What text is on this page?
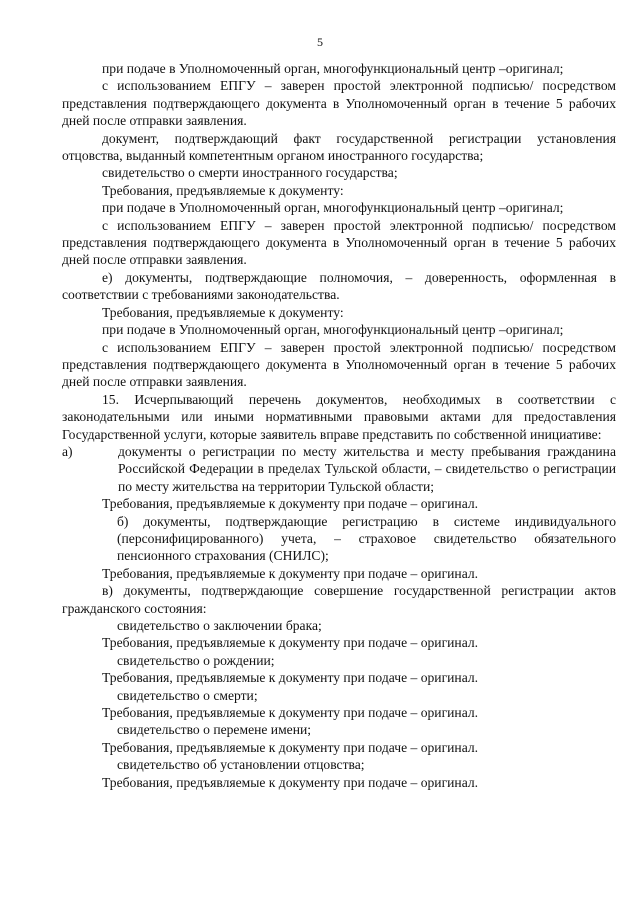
5

при подаче в Уполномоченный орган, многофункциональный центр –оригинал;

с использованием ЕПГУ – заверен простой электронной подписью/ посредством представления подтверждающего документа в Уполномоченный орган в течение 5 рабочих дней после отправки заявления.

документ, подтверждающий факт государственной регистрации установления отцовства, выданный компетентным органом иностранного государства;

свидетельство о смерти иностранного государства;

Требования, предъявляемые к документу:

при подаче в Уполномоченный орган, многофункциональный центр –оригинал;

с использованием ЕПГУ – заверен простой электронной подписью/ посредством представления подтверждающего документа в Уполномоченный орган в течение 5 рабочих дней после отправки заявления.

е) документы, подтверждающие полномочия, – доверенность, оформленная в соответствии с требованиями законодательства.

Требования, предъявляемые к документу:

при подаче в Уполномоченный орган, многофункциональный центр –оригинал;

с использованием ЕПГУ – заверен простой электронной подписью/ посредством представления подтверждающего документа в Уполномоченный орган в течение 5 рабочих дней после отправки заявления.

15. Исчерпывающий перечень документов, необходимых в соответствии с законодательными или иными нормативными правовыми актами для предоставления Государственной услуги, которые заявитель вправе представить по собственной инициативе:

а)	документы о регистрации по месту жительства и месту пребывания гражданина Российской Федерации в пределах Тульской области, – свидетельство о регистрации по месту жительства на территории Тульской области;

Требования, предъявляемые к документу при подаче – оригинал.

б) документы, подтверждающие регистрацию в системе индивидуального (персонифицированного) учета, – страховое свидетельство обязательного пенсионного страхования (СНИЛС);

Требования, предъявляемые к документу при подаче – оригинал.

в) документы, подтверждающие совершение государственной регистрации актов гражданского состояния:

свидетельство о заключении брака;

Требования, предъявляемые к документу при подаче – оригинал.

свидетельство о рождении;

Требования, предъявляемые к документу при подаче – оригинал.

свидетельство о смерти;

Требования, предъявляемые к документу при подаче – оригинал.

свидетельство о перемене имени;

Требования, предъявляемые к документу при подаче – оригинал.

свидетельство об установлении отцовства;

Требования, предъявляемые к документу при подаче – оригинал.
